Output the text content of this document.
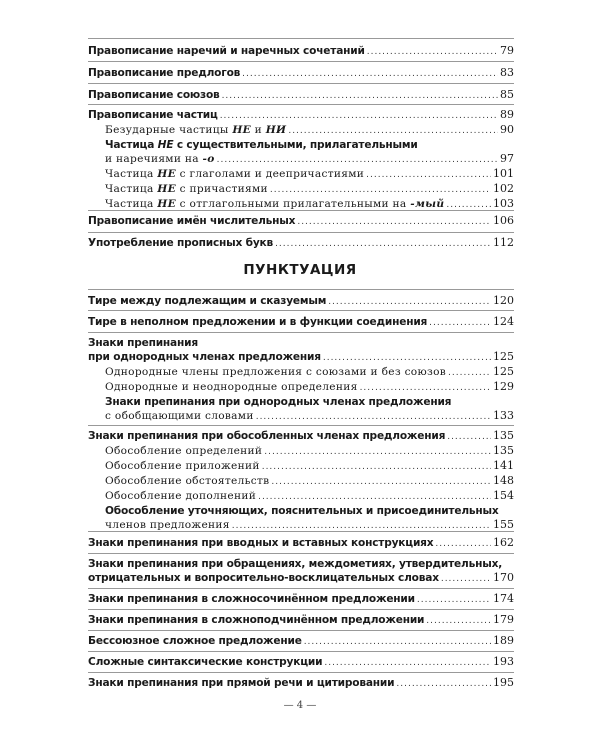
Правописание наречий и наречных сочетаний .....	79
Правописание предлогов .....	83
Правописание союзов .....	85
Правописание частиц .....	89
Безударные частицы НЕ и НИ .....	90
Частица НЕ с существительными, прилагательными
и наречиями на -о .....	97
Частица НЕ с глаголами и деепричастиями .....	101
Частица НЕ с причастиями .....	102
Частица НЕ с отглагольными прилагательными на -мый .....	103
Правописание имён числительных .....	106
Употребление прописных букв .....	112
ПУНКТУАЦИЯ
Тире между подлежащим и сказуемым .....	120
Тире в неполном предложении и в функции соединения .....	124
Знаки препинания
при однородных членах предложения .....	125
Однородные члены предложения с союзами и без союзов .....	125
Однородные и неоднородные определения .....	129
Знаки препинания при однородных членах предложения
с обобщающими словами .....	133
Знаки препинания при обособленных членах предложения .....	135
Обособление определений .....	135
Обособление приложений .....	141
Обособление обстоятельств .....	148
Обособление дополнений .....	154
Обособление уточняющих, пояснительных и присоединительных
членов предложения .....	155
Знаки препинания при вводных и вставных конструкциях .....	162
Знаки препинания при обращениях, междометиях, утвердительных,
отрицательных и вопросительно-восклицательных словах .....	170
Знаки препинания в сложносочинённом предложении .....	174
Знаки препинания в сложноподчинённом предложении .....	179
Бессоюзное сложное предложение .....	189
Сложные синтаксические конструкции .....	193
Знаки препинания при прямой речи и цитировании .....	195
— 4 —
